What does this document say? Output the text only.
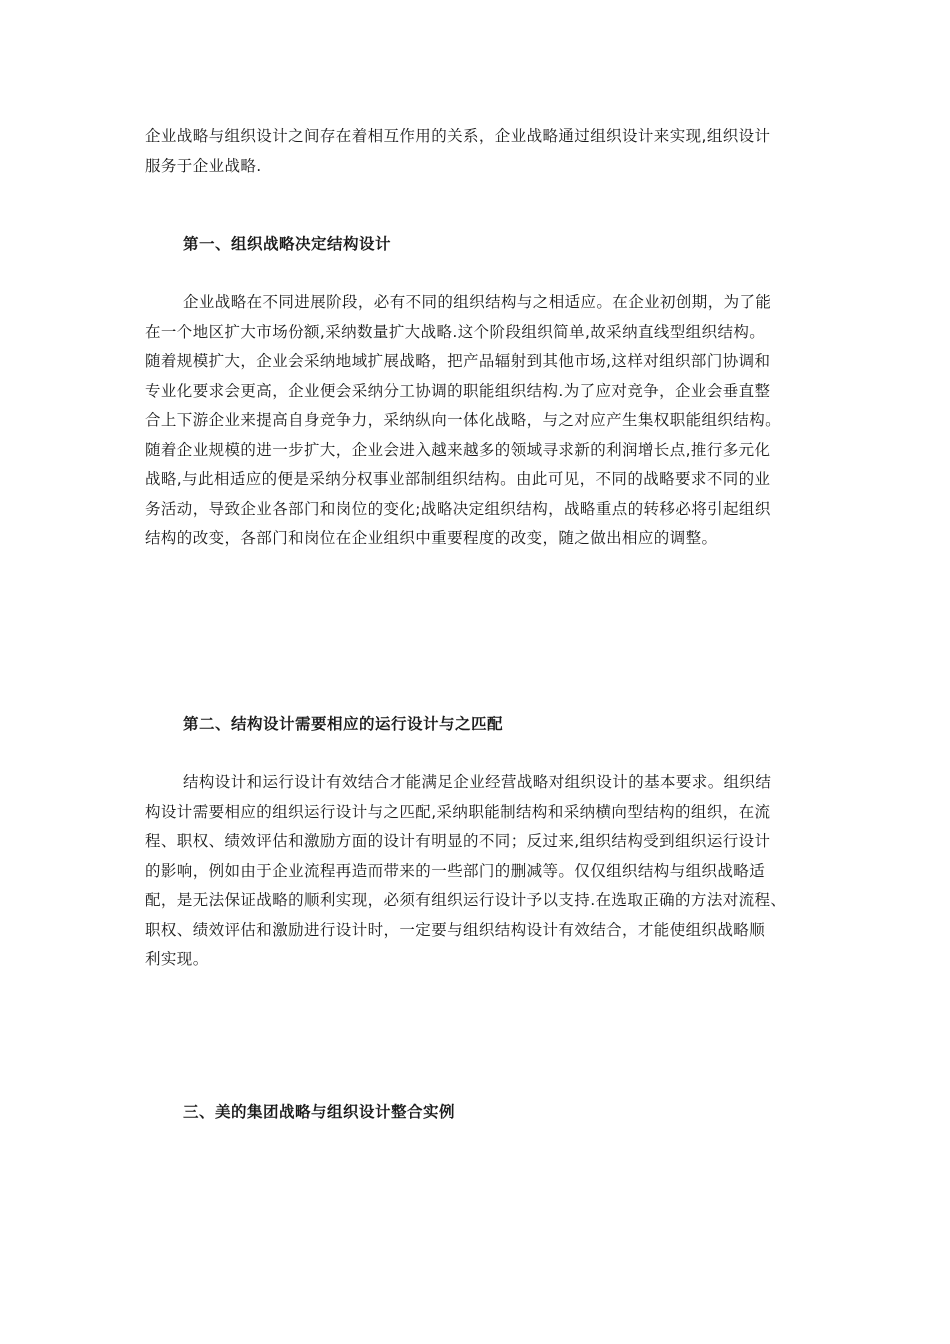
企业战略与组织设计之间存在着相互作用的关系，企业战略通过组织设计来实现,组织设计
服务于企业战略.
第一、组织战略决定结构设计
企业战略在不同进展阶段，必有不同的组织结构与之相适应。在企业初创期，为了能
在一个地区扩大市场份额,采纳数量扩大战略.这个阶段组织简单,故采纳直线型组织结构。
随着规模扩大，企业会采纳地域扩展战略，把产品辐射到其他市场,这样对组织部门协调和
专业化要求会更高，企业便会采纳分工协调的职能组织结构.为了应对竞争，企业会垂直整
合上下游企业来提高自身竞争力，采纳纵向一体化战略，与之对应产生集权职能组织结构。
随着企业规模的进一步扩大，企业会进入越来越多的领域寻求新的利润增长点,推行多元化
战略,与此相适应的便是采纳分权事业部制组织结构。由此可见，不同的战略要求不同的业
务活动，导致企业各部门和岗位的变化;战略决定组织结构，战略重点的转移必将引起组织
结构的改变，各部门和岗位在企业组织中重要程度的改变，随之做出相应的调整。
第二、结构设计需要相应的运行设计与之匹配
结构设计和运行设计有效结合才能满足企业经营战略对组织设计的基本要求。组织结
构设计需要相应的组织运行设计与之匹配,采纳职能制结构和采纳横向型结构的组织，在流
程、职权、绩效评估和激励方面的设计有明显的不同；反过来,组织结构受到组织运行设计
的影响，例如由于企业流程再造而带来的一些部门的删减等。仅仅组织结构与组织战略适
配，是无法保证战略的顺利实现，必须有组织运行设计予以支持.在选取正确的方法对流程、
职权、绩效评估和激励进行设计时，一定要与组织结构设计有效结合，才能使组织战略顺
利实现。
三、美的集团战略与组织设计整合实例
